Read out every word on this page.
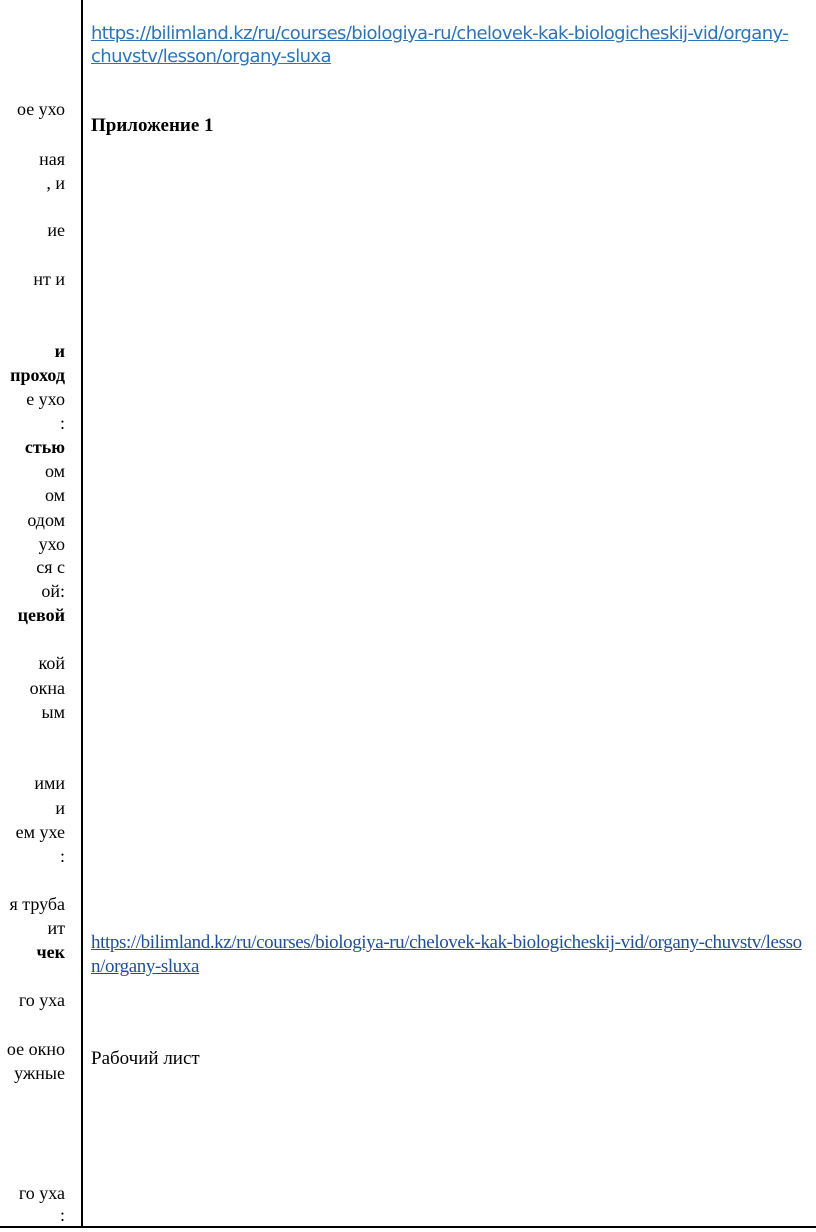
ое ухо
ная
, и
ие
нт и
и
проход
е ухо
:
стью
ом
ом
одом
ухо
ся с
ой:
цевой
кой
окна
ым
ими
и
ем ухе
:
я труба
ит
чек
го уха
ое окно
ужные
го уха
:
https://bilimland.kz/ru/courses/biologiya-ru/chelovek-kak-biologicheskij-vid/organy-chuvstv/lesson/organy-sluxa
Приложение 1
https://bilimland.kz/ru/courses/biologiya-ru/chelovek-kak-biologicheskij-vid/organy-chuvstv/lesson/organy-sluxa
Рабочий лист
